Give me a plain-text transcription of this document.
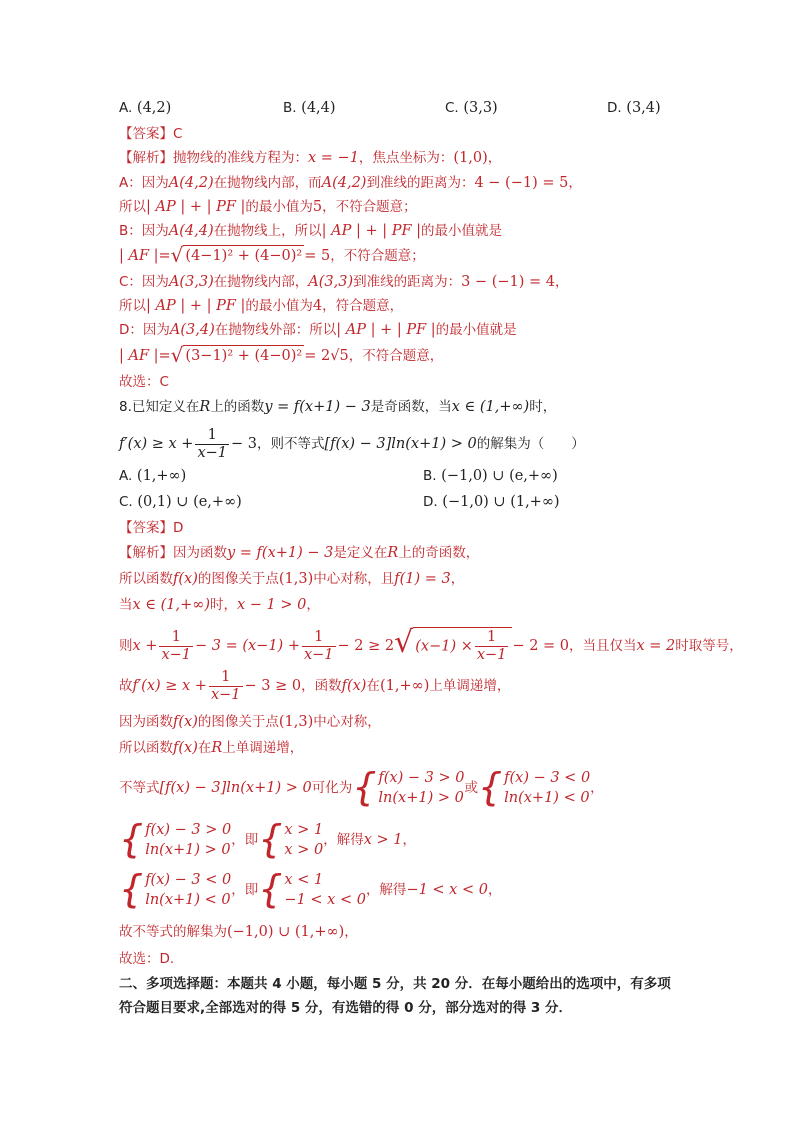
A. (4,2)	B. (4,4)	C. (3,3)	D. (3,4)
【答案】C
【解析】抛物线的准线方程为：x = −1，焦点坐标为：(1,0)，
A：因为A(4,2)在抛物线内部，而A(4,2)到准线的距离为：4 − (−1) = 5，
所以| AP | + | PF |的最小值为5，不符合题意；
B：因为A(4,4)在抛物线上，所以| AP | + | PF |的最小值就是
| AF |=√ (4−1)² + (4−0)² = 5，不符合题意；
C：因为A(3,3)在抛物线内部，A(3,3)到准线的距离为：3 − (−1) = 4，
所以| AP | + | PF |的最小值为4，符合题意，
D：因为A(3,4)在抛物线外部：所以| AP | + | PF |的最小值就是
| AF |=√ (3−1)² + (4−0)² = 2√5，不符合题意，
故选：C
8.已知定义在R上的函数y = f(x+1) − 3是奇函数，当x ∈ (1,+∞)时，
$f'(x) \ge x + \frac{1}{x-1} - 3$，则不等式[f(x) − 3]ln(x+1) > 0的解集为（　　）
A. (1,+∞)	B. (−1,0) ∪ (e,+∞)
C. (0,1) ∪ (e,+∞)	D. (−1,0) ∪ (1,+∞)
【答案】D
【解析】因为函数y = f(x+1) − 3是定义在R上的奇函数，
所以函数f(x)的图像关于点(1,3)中心对称，且f(1) = 3，
当x ∈ (1,+∞)时，x − 1 > 0，
则$x + \frac{1}{x-1} - 3 = (x-1) + \frac{1}{x-1} - 2 \ge 2√$ $(x-1) \times \frac{1}{x-1} - 2 = 0$，当且仅当x = 2时取等号，
故$f'(x) \ge x + \frac{1}{x-1} - 3 \ge 0$，函数f(x)在(1,+∞)上单调递增，
因为函数f(x)的图像关于点(1,3)中心对称，
所以函数f(x)在R上单调递增，
不等式 [f(x) − 3]ln(x+1) > 0 可化为 { f(x) − 3 > 0
ln(x+1) > 0
或 { f(x) − 3 < 0
ln(x+1) < 0
，
{ f(x) − 3 > 0
ln(x+1) > 0
，即 { x > 1
x > 0
，解得 x > 1 ，
{ f(x) − 3 < 0
ln(x+1) < 0
，即 { x < 1
−1 < x < 0
，解得 −1 < x < 0 ，
故不等式的解集为(−1,0) ∪ (1,+∞)，
故选：D.
二、多项选择题：本题共 4 小题，每小题 5 分，共 20 分．在每小题给出的选项中，有多项
符合题目要求,全部选对的得 5 分，有选错的得 0 分，部分选对的得 3 分．
